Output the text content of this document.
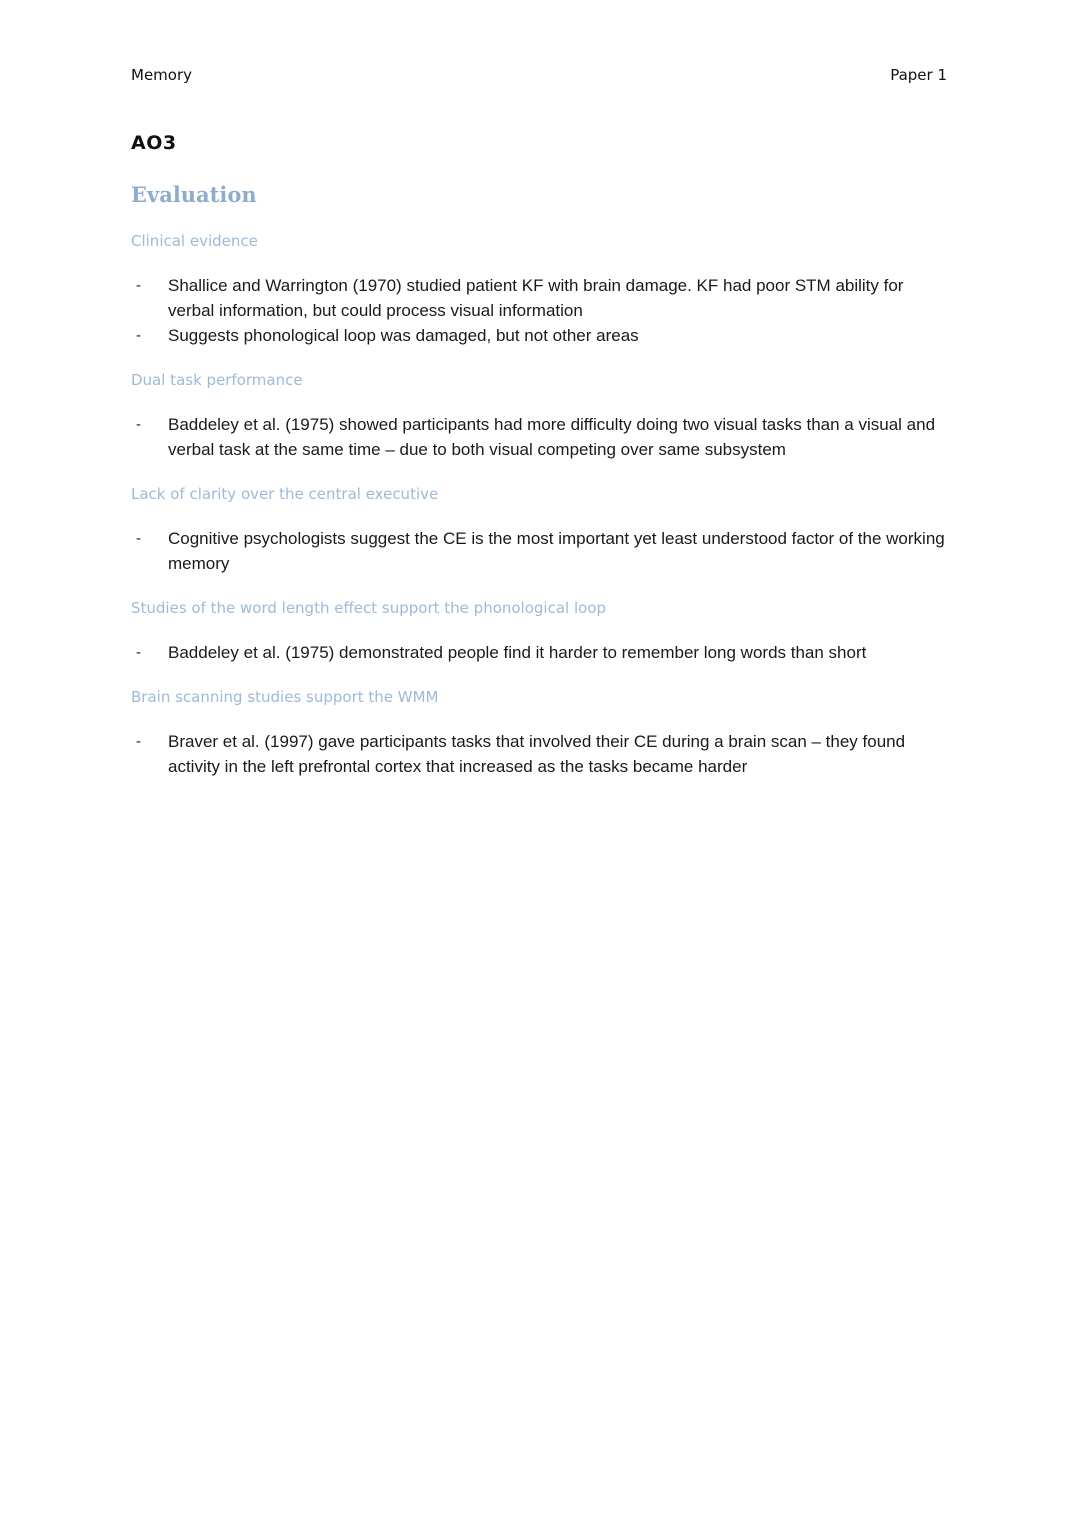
Memory	Paper 1
AO3
Evaluation

Clinical evidence

- Shallice and Warrington (1970) studied patient KF with brain damage. KF had poor STM ability for verbal information, but could process visual information
- Suggests phonological loop was damaged, but not other areas

Dual task performance

- Baddeley et al. (1975) showed participants had more difficulty doing two visual tasks than a visual and verbal task at the same time – due to both visual competing over same subsystem

Lack of clarity over the central executive

- Cognitive psychologists suggest the CE is the most important yet least understood factor of the working memory

Studies of the word length effect support the phonological loop

- Baddeley et al. (1975) demonstrated people find it harder to remember long words than short

Brain scanning studies support the WMM

- Braver et al. (1997) gave participants tasks that involved their CE during a brain scan – they found activity in the left prefrontal cortex that increased as the tasks became harder
